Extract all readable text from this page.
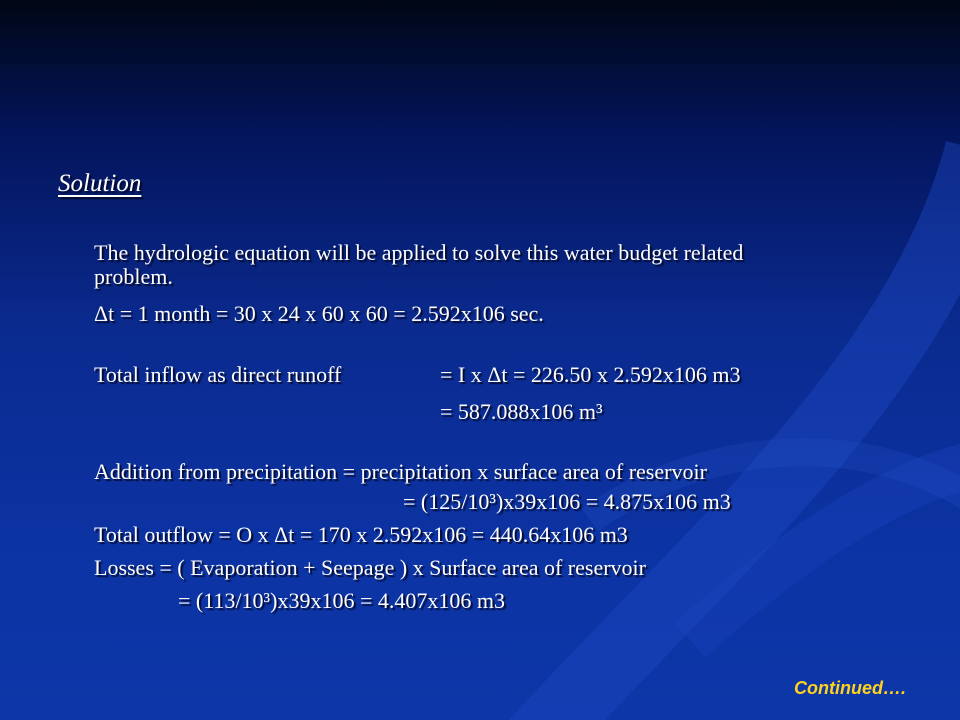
Solution
The hydrologic equation will be applied to solve this water budget related
problem.
Δt = 1 month = 30 x 24 x 60 x 60 = 2.592x106 sec.
Total inflow as direct runoff	= I x Δt = 226.50 x 2.592x106 m3
= 587.088x106 m³
Addition from precipitation = precipitation x surface area of reservoir
= (125/10³)x39x106 = 4.875x106 m3
Total outflow = O x Δt = 170 x 2.592x106 = 440.64x106 m3
Losses = ( Evaporation + Seepage ) x Surface area of reservoir
= (113/10³)x39x106 = 4.407x106 m3
Continued….
